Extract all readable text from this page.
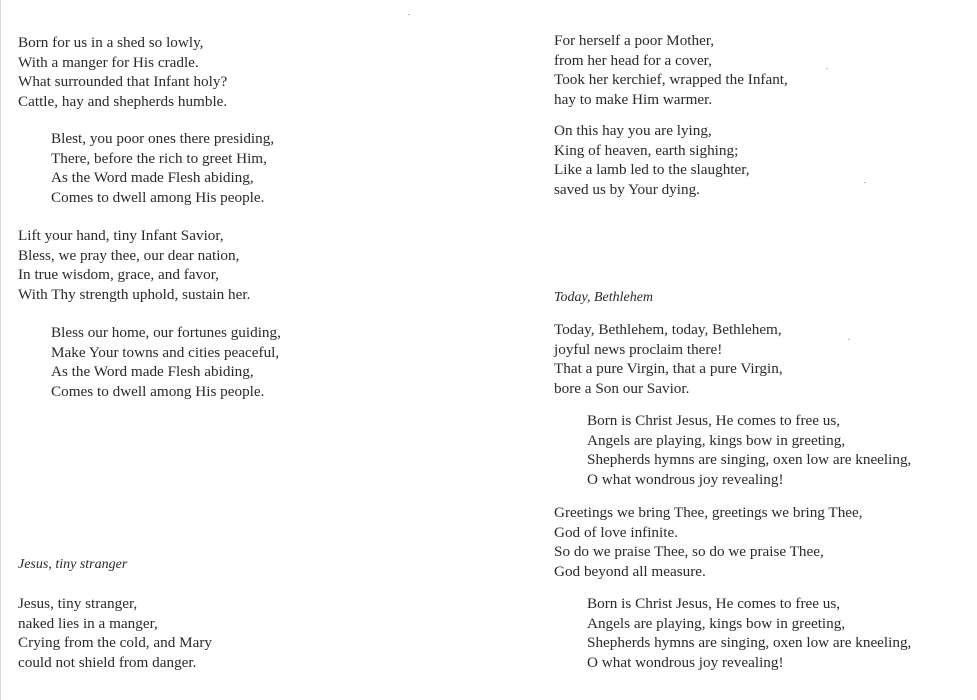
Born for us in a shed so lowly,
With a manger for His cradle.
What surrounded that Infant holy?
Cattle, hay and shepherds humble.
Blest, you poor ones there presiding,
There, before the rich to greet Him,
As the Word made Flesh abiding,
Comes to dwell among His people.
Lift your hand, tiny Infant Savior,
Bless, we pray thee, our dear nation,
In true wisdom, grace, and favor,
With Thy strength uphold, sustain her.
Bless our home, our fortunes guiding,
Make Your towns and cities peaceful,
As the Word made Flesh abiding,
Comes to dwell among His people.
Jesus, tiny stranger
Jesus, tiny stranger,
naked lies in a manger,
Crying from the cold, and Mary
could not shield from danger.
For herself a poor Mother,
from her head for a cover,
Took her kerchief, wrapped the Infant,
hay to make Him warmer.
On this hay you are lying,
King of heaven, earth sighing;
Like a lamb led to the slaughter,
saved us by Your dying.
Today, Bethlehem
Today, Bethlehem, today, Bethlehem,
joyful news proclaim there!
That a pure Virgin, that a pure Virgin,
bore a Son our Savior.
Born is Christ Jesus, He comes to free us,
Angels are playing, kings bow in greeting,
Shepherds hymns are singing, oxen low are kneeling,
O what wondrous joy revealing!
Greetings we bring Thee, greetings we bring Thee,
God of love infinite.
So do we praise Thee, so do we praise Thee,
God beyond all measure.
Born is Christ Jesus, He comes to free us,
Angels are playing, kings bow in greeting,
Shepherds hymns are singing, oxen low are kneeling,
O what wondrous joy revealing!
